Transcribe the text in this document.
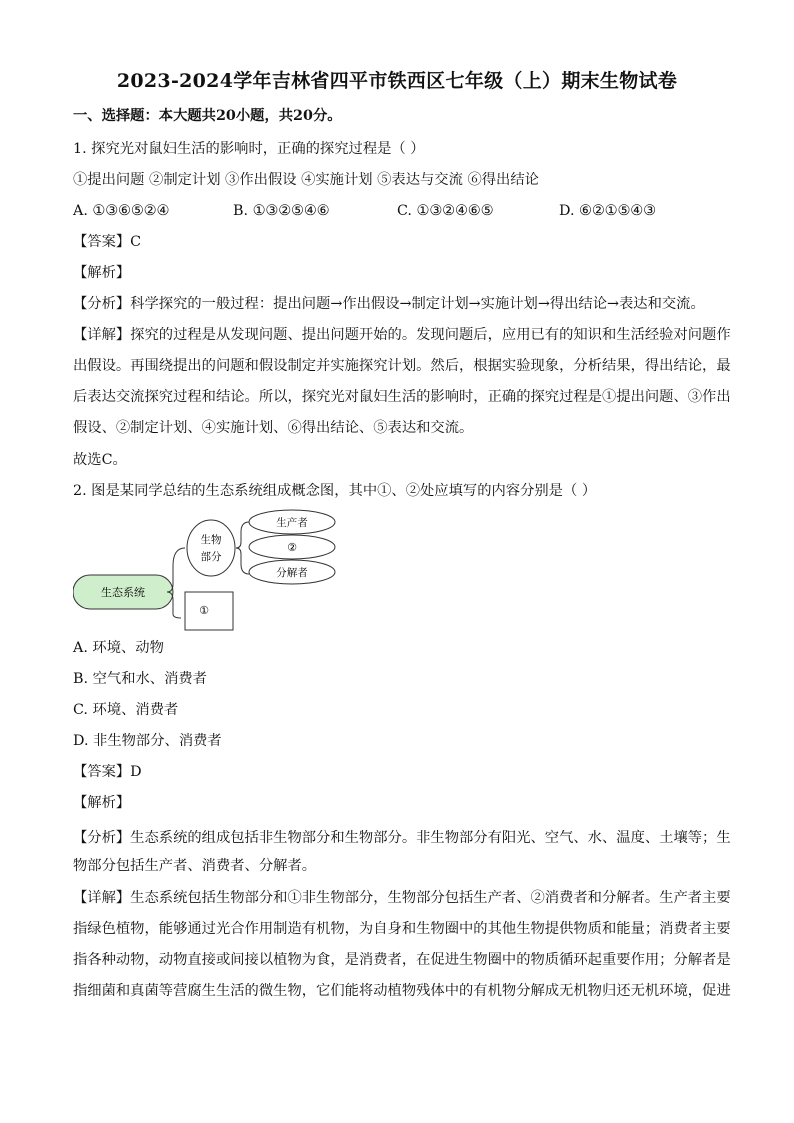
2023-2024学年吉林省四平市铁西区七年级（上）期末生物试卷
一、选择题：本大题共20小题，共20分。
1. 探究光对鼠妇生活的影响时，正确的探究过程是（ ）
①提出问题 ②制定计划 ③作出假设 ④实施计划 ⑤表达与交流 ⑥得出结论
A. ①③⑥⑤②④	B. ①③②⑤④⑥	C. ①③②④⑥⑤	D. ⑥②①⑤④③
【答案】C
【解析】
【分析】科学探究的一般过程：提出问题→作出假设→制定计划→实施计划→得出结论→表达和交流。
【详解】探究的过程是从发现问题、提出问题开始的。发现问题后，应用已有的知识和生活经验对问题作
出假设。再围绕提出的问题和假设制定并实施探究计划。然后，根据实验现象，分析结果，得出结论，最
后表达交流探究过程和结论。所以，探究光对鼠妇生活的影响时，正确的探究过程是①提出问题、③作出
假设、②制定计划、④实施计划、⑥得出结论、⑤表达和交流。
故选C。
2. 图是某同学总结的生态系统组成概念图，其中①、②处应填写的内容分别是（ ）
生态系统
生物
部分
①
生产者
②
分解者
A. 环境、动物
B. 空气和水、消费者
C. 环境、消费者
D. 非生物部分、消费者
【答案】D
【解析】
【分析】生态系统的组成包括非生物部分和生物部分。非生物部分有阳光、空气、水、温度、土壤等；生
物部分包括生产者、消费者、分解者。
【详解】生态系统包括生物部分和①非生物部分，生物部分包括生产者、②消费者和分解者。生产者主要
指绿色植物，能够通过光合作用制造有机物，为自身和生物圈中的其他生物提供物质和能量；消费者主要
指各种动物，动物直接或间接以植物为食，是消费者，在促进生物圈中的物质循环起重要作用；分解者是
指细菌和真菌等营腐生生活的微生物，它们能将动植物残体中的有机物分解成无机物归还无机环境，促进
